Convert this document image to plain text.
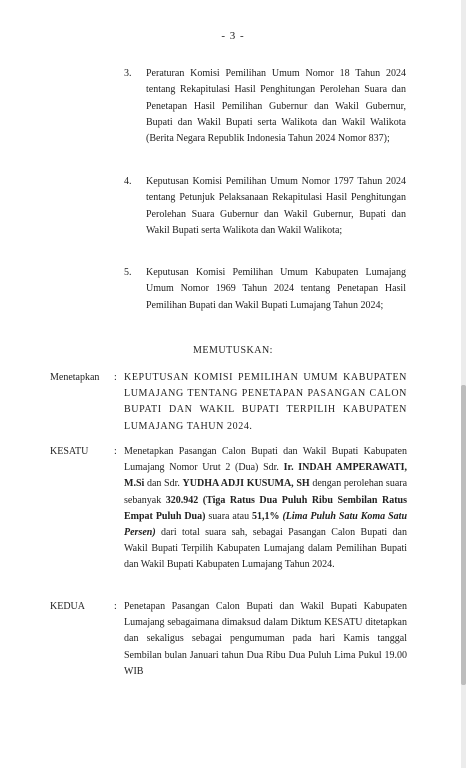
- 3 -
3. Peraturan Komisi Pemilihan Umum Nomor 18 Tahun 2024 tentang Rekapitulasi Hasil Penghitungan Perolehan Suara dan Penetapan Hasil Pemilihan Gubernur dan Wakil Gubernur, Bupati dan Wakil Bupati serta Walikota dan Wakil Walikota (Berita Negara Republik Indonesia Tahun 2024 Nomor 837);
4. Keputusan Komisi Pemilihan Umum Nomor 1797 Tahun 2024 tentang Petunjuk Pelaksanaan Rekapitulasi Hasil Penghitungan Perolehan Suara Gubernur dan Wakil Gubernur, Bupati dan Wakil Bupati serta Walikota dan Wakil Walikota;
5. Keputusan Komisi Pemilihan Umum Kabupaten Lumajang Umum Nomor 1969 Tahun 2024 tentang Penetapan Hasil Pemilihan Bupati dan Wakil Bupati Lumajang Tahun 2024;
MEMUTUSKAN:
Menetapkan : KEPUTUSAN KOMISI PEMILIHAN UMUM KABUPATEN LUMAJANG TENTANG PENETAPAN PASANGAN CALON BUPATI DAN WAKIL BUPATI TERPILIH KABUPATEN LUMAJANG TAHUN 2024.
KESATU	: Menetapkan Pasangan Calon Bupati dan Wakil Bupati Kabupaten Lumajang Nomor Urut 2 (Dua) Sdr. Ir. INDAH AMPERAWATI, M.Si dan Sdr. YUDHA ADJI KUSUMA, SH dengan perolehan suara sebanyak 320.942 (Tiga Ratus Dua Puluh Ribu Sembilan Ratus Empat Puluh Dua) suara atau 51,1% (Lima Puluh Satu Koma Satu Persen) dari total suara sah, sebagai Pasangan Calon Bupati dan Wakil Bupati Terpilih Kabupaten Lumajang dalam Pemilihan Bupati dan Wakil Bupati Kabupaten Lumajang Tahun 2024.
KEDUA	: Penetapan Pasangan Calon Bupati dan Wakil Bupati Kabupaten Lumajang sebagaimana dimaksud dalam Diktum KESATU ditetapkan dan sekaligus sebagai pengumuman pada hari Kamis tanggal Sembilan bulan Januari tahun Dua Ribu Dua Puluh Lima Pukul 19.00 WIB
